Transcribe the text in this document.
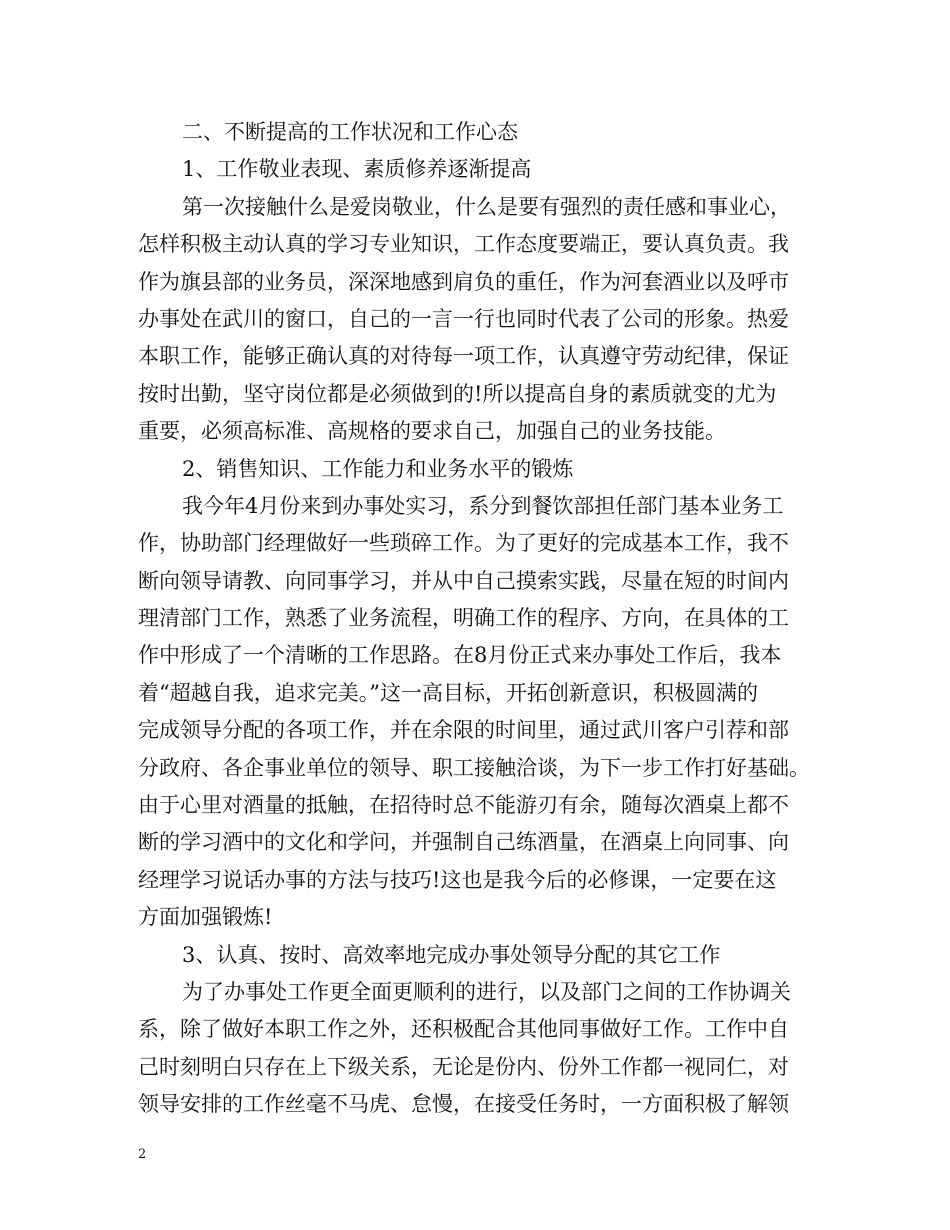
二、不断提高的工作状况和工作心态
1、工作敬业表现、素质修养逐渐提高
第一次接触什么是爱岗敬业，什么是要有强烈的责任感和事业心，
怎样积极主动认真的学习专业知识，工作态度要端正，要认真负责。我
作为旗县部的业务员，深深地感到肩负的重任，作为河套酒业以及呼市
办事处在武川的窗口，自己的一言一行也同时代表了公司的形象。热爱
本职工作，能够正确认真的对待每一项工作，认真遵守劳动纪律，保证
按时出勤，坚守岗位都是必须做到的!所以提高自身的素质就变的尤为
重要，必须高标准、高规格的要求自己，加强自己的业务技能。
2、销售知识、工作能力和业务水平的锻炼
我今年4月份来到办事处实习，系分到餐饮部担任部门基本业务工
作，协助部门经理做好一些琐碎工作。为了更好的完成基本工作，我不
断向领导请教、向同事学习，并从中自己摸索实践，尽量在短的时间内
理清部门工作，熟悉了业务流程，明确工作的程序、方向，在具体的工
作中形成了一个清晰的工作思路。在8月份正式来办事处工作后，我本
着“超越自我，追求完美。”这一高目标，开拓创新意识，积极圆满的
完成领导分配的各项工作，并在余限的时间里，通过武川客户引荐和部
分政府、各企事业单位的领导、职工接触洽谈，为下一步工作打好基础。
由于心里对酒量的抵触，在招待时总不能游刃有余，随每次酒桌上都不
断的学习酒中的文化和学问，并强制自己练酒量，在酒桌上向同事、向
经理学习说话办事的方法与技巧!这也是我今后的必修课，一定要在这
方面加强锻炼!
3、认真、按时、高效率地完成办事处领导分配的其它工作
为了办事处工作更全面更顺利的进行，以及部门之间的工作协调关
系，除了做好本职工作之外，还积极配合其他同事做好工作。工作中自
己时刻明白只存在上下级关系，无论是份内、份外工作都一视同仁，对
领导安排的工作丝毫不马虎、怠慢，在接受任务时，一方面积极了解领
2
